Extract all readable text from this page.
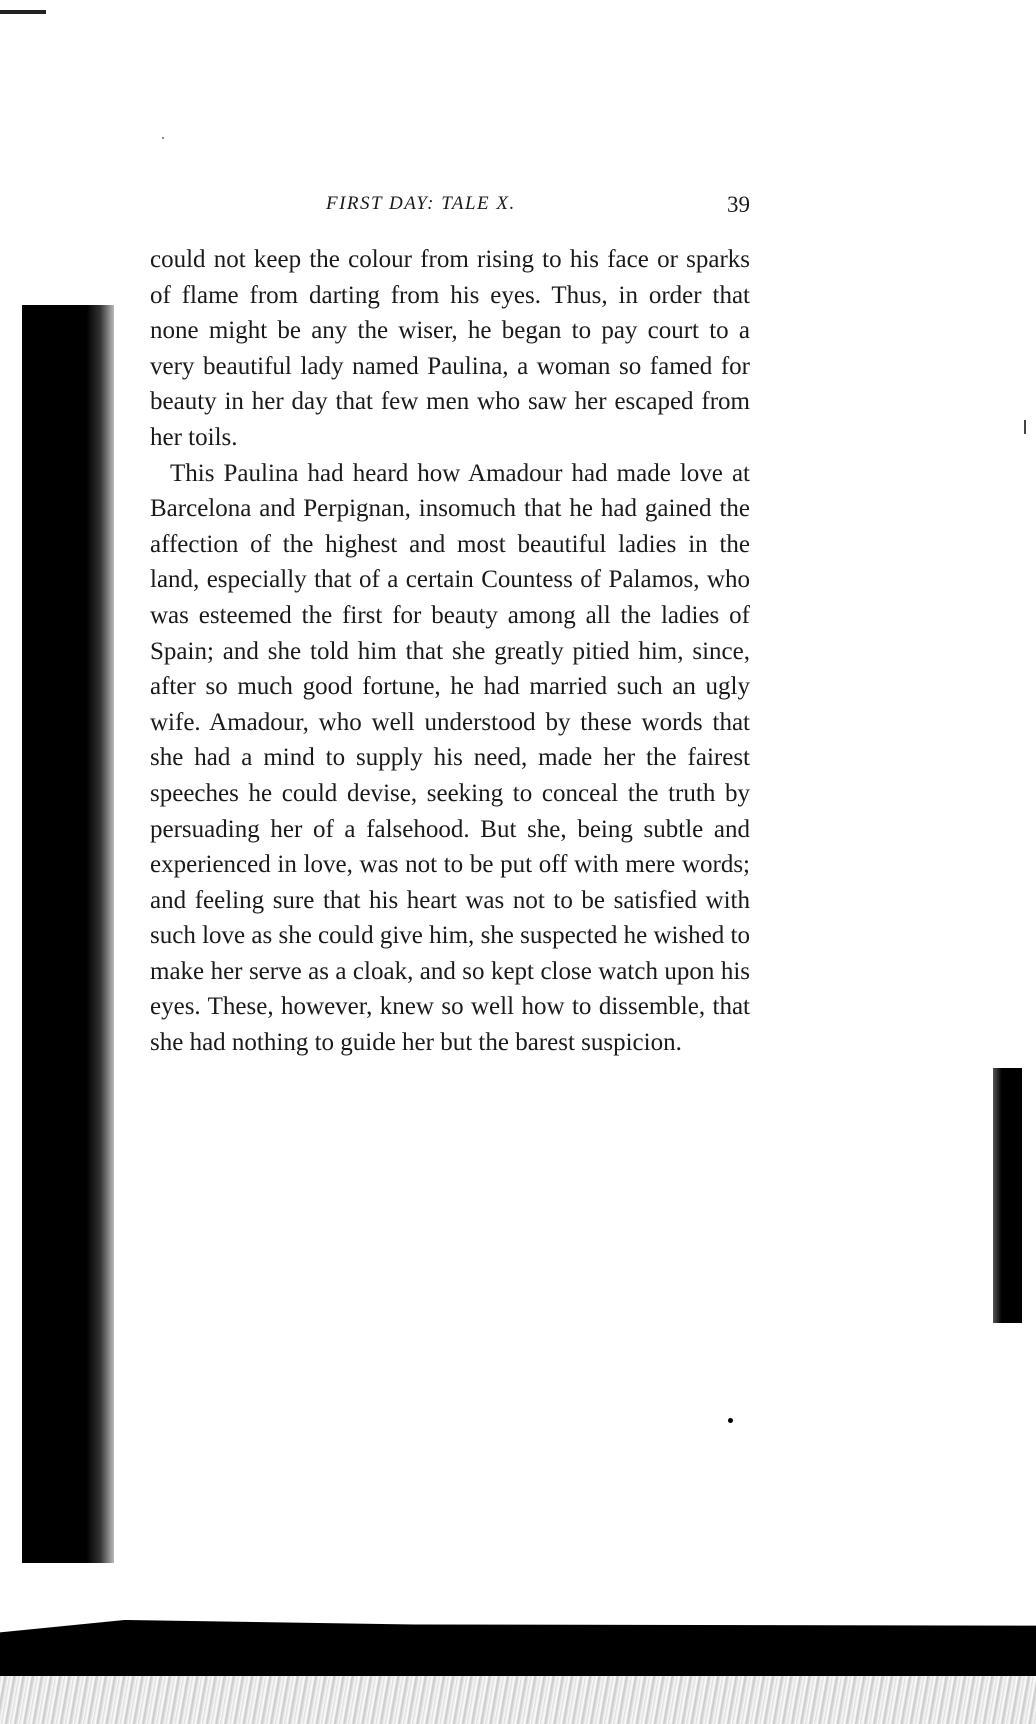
FIRST DAY: TALE X.	39

could not keep the colour from rising to his face or sparks of flame from darting from his eyes. Thus, in order that none might be any the wiser, he began to pay court to a very beautiful lady named Paulina, a woman so famed for beauty in her day that few men who saw her escaped from her toils.

This Paulina had heard how Amadour had made love at Barcelona and Perpignan, insomuch that he had gained the affection of the highest and most beautiful ladies in the land, especially that of a certain Countess of Palamos, who was esteemed the first for beauty among all the ladies of Spain; and she told him that she greatly pitied him, since, after so much good fortune, he had married such an ugly wife. Amadour, who well understood by these words that she had a mind to supply his need, made her the fairest speeches he could devise, seeking to conceal the truth by persuading her of a falsehood. But she, being subtle and experienced in love, was not to be put off with mere words; and feeling sure that his heart was not to be satisfied with such love as she could give him, she suspected he wished to make her serve as a cloak, and so kept close watch upon his eyes. These, however, knew so well how to dissemble, that she had nothing to guide her but the barest suspicion.
